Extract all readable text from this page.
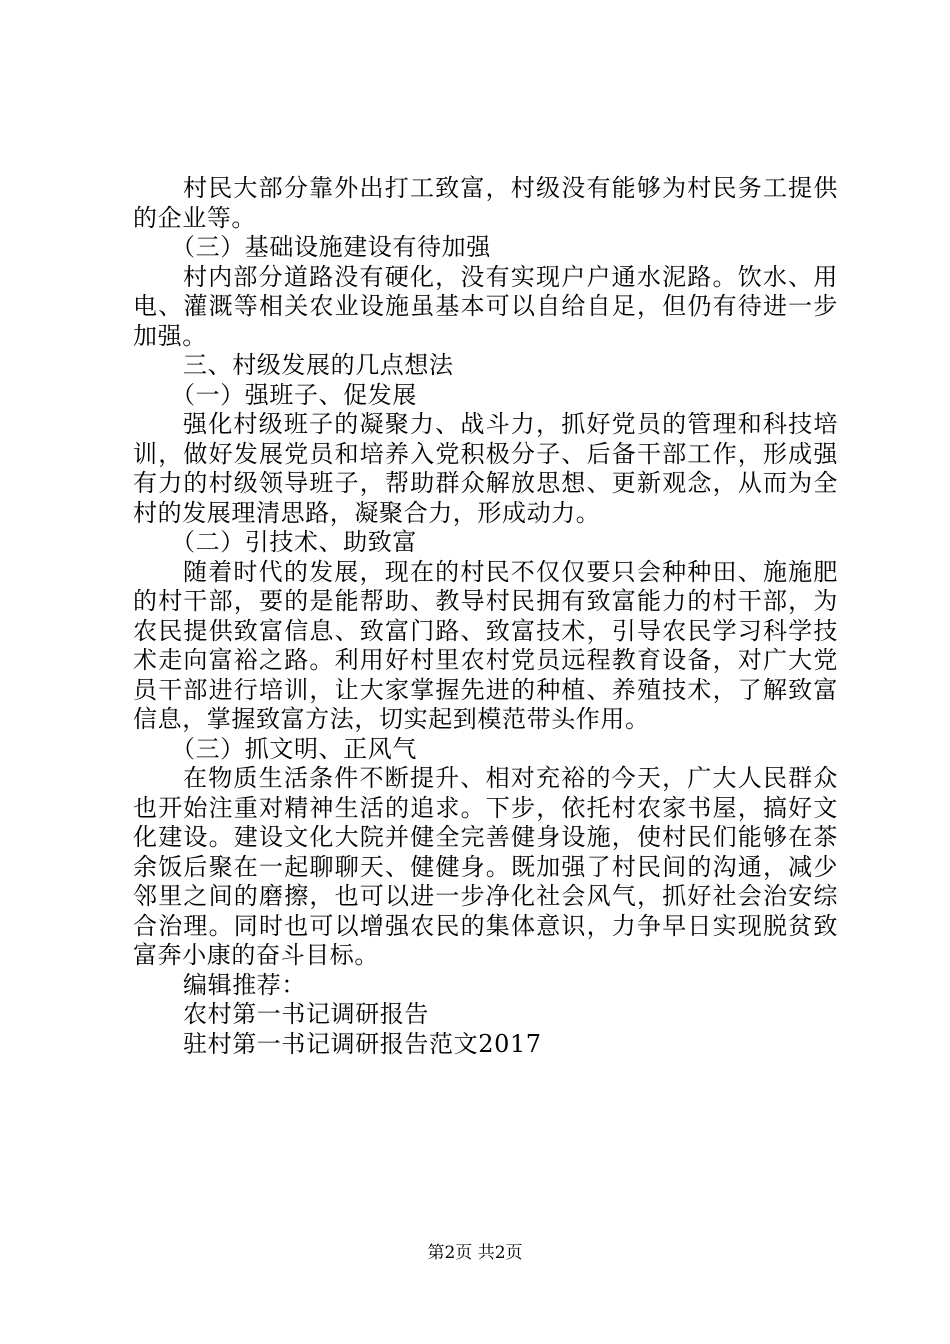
村民大部分靠外出打工致富，村级没有能够为村民务工提供的企业等。

（三）基础设施建设有待加强

村内部分道路没有硬化，没有实现户户通水泥路。饮水、用电、灌溉等相关农业设施虽基本可以自给自足，但仍有待进一步加强。

三、村级发展的几点想法

（一）强班子、促发展

强化村级班子的凝聚力、战斗力，抓好党员的管理和科技培训，做好发展党员和培养入党积极分子、后备干部工作，形成强有力的村级领导班子，帮助群众解放思想、更新观念，从而为全村的发展理清思路，凝聚合力，形成动力。

（二）引技术、助致富

随着时代的发展，现在的村民不仅仅要只会种种田、施施肥的村干部，要的是能帮助、教导村民拥有致富能力的村干部，为农民提供致富信息、致富门路、致富技术，引导农民学习科学技术走向富裕之路。利用好村里农村党员远程教育设备，对广大党员干部进行培训，让大家掌握先进的种植、养殖技术，了解致富信息，掌握致富方法，切实起到模范带头作用。

（三）抓文明、正风气

在物质生活条件不断提升、相对充裕的今天，广大人民群众也开始注重对精神生活的追求。下步，依托村农家书屋，搞好文化建设。建设文化大院并健全完善健身设施，使村民们能够在茶余饭后聚在一起聊聊天、健健身。既加强了村民间的沟通，减少邻里之间的磨擦，也可以进一步净化社会风气，抓好社会治安综合治理。同时也可以增强农民的集体意识，力争早日实现脱贫致富奔小康的奋斗目标。

编辑推荐：

农村第一书记调研报告

驻村第一书记调研报告范文2017

第2页 共2页
